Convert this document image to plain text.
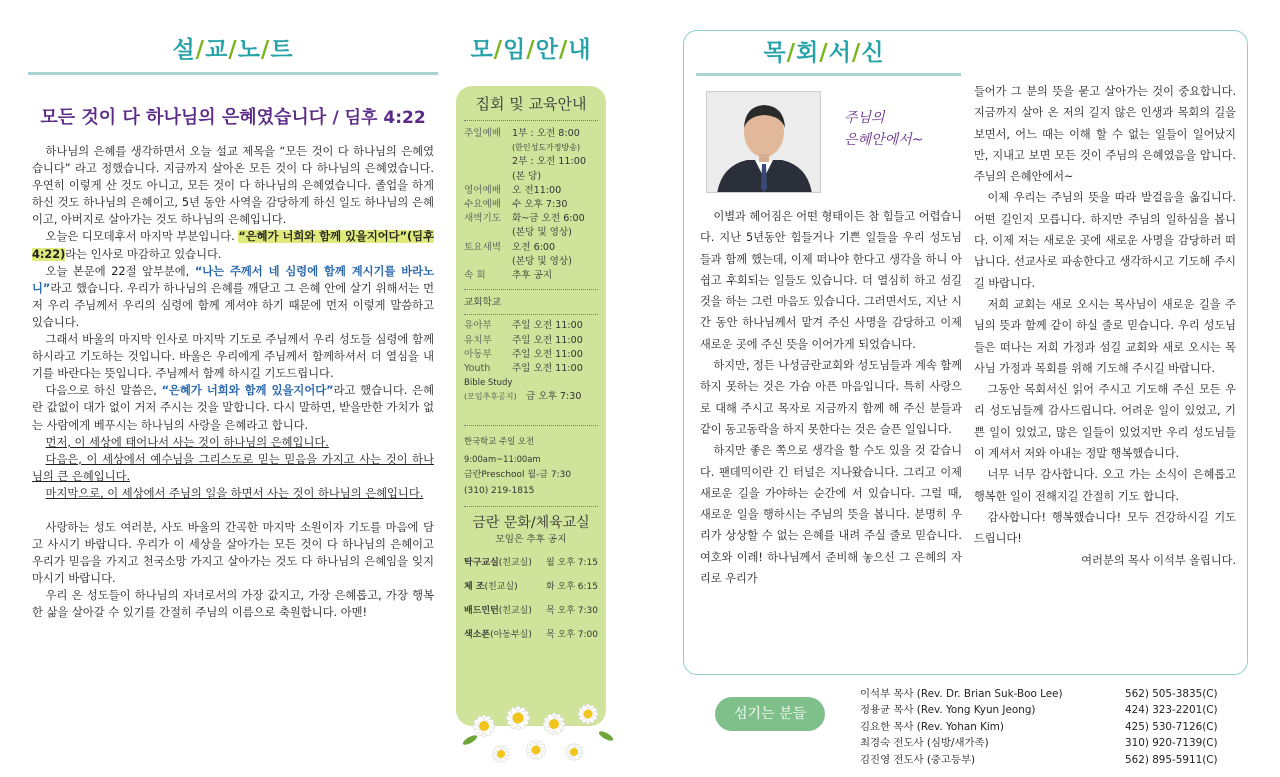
설/교/노/트
모든 것이 다 하나님의 은혜였습니다 / 딤후 4:22

하나님의 은혜를 생각하면서 오늘 설교 제목을 “모든 것이 다 하나님의 은혜였습니다” 라고 정했습니다. 지금까지 살아온 모든 것이 다 하나님의 은혜였습니다. 우연히 이렇게 산 것도 아니고, 모든 것이 다 하나님의 은혜였습니다. 졸업을 하게 하신 것도 하나님의 은혜이고, 5년 동안 사역을 감당하게 하신 일도 하나님의 은혜이고, 아버지로 살아가는 것도 하나님의 은혜입니다.

오늘은 디모데후서 마지막 부분입니다. “은혜가 너희와 함께 있을지어다”(딤후 4:22)라는 인사로 마감하고 있습니다.

오늘 본문에 22절 앞부분에, “나는 주께서 네 심령에 함께 계시기를 바라노니”라고 했습니다. 우리가 하나님의 은혜를 깨닫고 그 은혜 안에 살기 위해서는 먼저 우리 주님께서 우리의 심령에 함께 계셔야 하기 때문에 먼저 이렇게 말씀하고 있습니다.

그래서 바울의 마지막 인사로 마지막 기도로 주님께서 우리 성도들 심령에 함께 하시라고 기도하는 것입니다. 바울은 우리에게 주님께서 함께하셔서 더 열심을 내기를 바란다는 뜻입니다. 주님께서 함께 하시길 기도드립니다.

다음으로 하신 말씀은, “은혜가 너희와 함께 있을지어다”라고 했습니다. 은혜란 값없이 대가 없이 거저 주시는 것을 말합니다. 다시 말하면, 받을만한 가치가 없는 사람에게 베푸시는 하나님의 사랑을 은혜라고 합니다.

먼저, 이 세상에 태어나서 사는 것이 하나님의 은혜입니다.

다음은, 이 세상에서 예수님을 그리스도로 믿는 믿음을 가지고 사는 것이 하나님의 큰 은혜입니다.

마지막으로, 이 세상에서 주님의 일을 하면서 사는 것이 하나님의 은혜입니다.

사랑하는 성도 여러분, 사도 바울의 간곡한 마지막 소원이자 기도를 마음에 담고 사시기 바랍니다. 우리가 이 세상을 살아가는 모든 것이 다 하나님의 은혜이고 우리가 믿음을 가지고 천국소망 가지고 살아가는 것도 다 하나님의 은혜임을 잊지 마시기 바랍니다.

우리 온 성도들이 하나님의 자녀로서의 가장 값지고, 가장 은혜롭고, 가장 행복한 삶을 살아갈 수 있기를 간절히 주님의 이름으로 축원합니다. 아멘!

모/임/안/내
집회 및 교육안내
주일예배	1부 : 오전 8:00
(한인성도가정방송)
2부 : 오전 11:00
(본 당)
영어예배	오 전11:00
수요예배	수 오후 7:30
새벽기도	화~금 오전 6:00
(본당 및 영상)
토요새벽	오전 6:00
(본당 및 영상)
속 회	추후 공지
교회학교
유아부	주일 오전 11:00
유치부	주일 오전 11:00
아동부	주일 오전 11:00
Youth	주일 오전 11:00
Bible Study
(모임추후공지) 금 오후 7:30
한국학교 주일 오전 9:00am~11:00am
금란Preschool 월-금 7:30
(310) 219-1815
금란 문화/체육교실
모임은 추후 공지
탁구교실(친교실) 월 오후 7:15
체 조(친교실)	화 오후 6:15
배드민턴(친교실) 목 오후 7:30
색소폰(아동부실) 목 오후 7:00
목/회/서/신
주님의
은혜안에서~

이별과 헤어짐은 어떤 형태이든 참 힘들고 어렵습니다. 지난 5년동안 힘들거나 기쁜 일들을 우리 성도님들과 함께 했는데, 이제 떠나야 한다고 생각을 하니 아쉽고 후회되는 일들도 있습니다. 더 열심히 하고 섬길 것을 하는 그런 마음도 있습니다. 그러면서도, 지난 시간 동안 하나님께서 맡겨 주신 사명을 감당하고 이제 새로운 곳에 주신 뜻을 이어가게 되었습니다.

하지만, 정든 나성금란교회와 성도님들과 계속 함께 하지 못하는 것은 가슴 아픈 마음입니다. 특히 사랑으로 대해 주시고 목자로 지금까지 함께 해 주신 분들과 같이 동고동락을 하지 못한다는 것은 슬픈 일입니다.

하지만 좋은 쪽으로 생각을 할 수도 있을 것 같습니다. 팬데믹이란 긴 터널은 지나왔습니다. 그리고 이제 새로운 길을 가야하는 순간에 서 있습니다. 그럴 때, 새로운 일을 행하시는 주님의 뜻을 봅니다. 분명히 우리가 상상할 수 없는 은혜를 내려 주실 줄로 믿습니다. 여호와 이레! 하나님께서 준비해 놓으신 그 은혜의 자리로 우리가

들어가 그 분의 뜻을 묻고 살아가는 것이 중요합니다. 지금까지 살아 온 저의 길지 않은 인생과 목회의 길을 보면서, 어느 때는 이해 할 수 없는 일들이 일어났지만, 지내고 보면 모든 것이 주님의 은혜였음을 압니다. 주님의 은혜안에서~

이제 우리는 주님의 뜻을 따라 발걸음을 옮깁니다. 어떤 길인지 모릅니다. 하지만 주님의 일하심을 봅니다. 이제 저는 새로운 곳에 새로운 사명을 감당하러 떠납니다. 선교사로 파송한다고 생각하시고 기도해 주시길 바랍니다.

저희 교회는 새로 오시는 목사님이 새로운 길을 주님의 뜻과 함께 같이 하실 줄로 믿습니다. 우리 성도님들은 떠나는 저희 가정과 섬길 교회와 새로 오시는 목사님 가정과 목회를 위해 기도해 주시길 바랍니다.

그동안 목회서신 읽어 주시고 기도해 주신 모든 우리 성도님들께 감사드립니다. 어려운 일이 있었고, 기쁜 일이 있었고, 많은 일들이 있었지만 우리 성도님들이 계셔서 저와 아내는 정말 행복했습니다.

너무 너무 감사합니다. 오고 가는 소식이 은혜롭고 행복한 일이 전해지길 간절히 기도 합니다.

감사합니다! 행복했습니다! 모두 건강하시길 기도 드립니다!

여러분의 목사 이석부 올립니다.

섬기는 분들
이석부 목사 (Rev. Dr. Brian Suk-Boo Lee)	562) 505-3835(C)
정용균 목사 (Rev. Yong Kyun Jeong)	424) 323-2201(C)
김요한 목사 (Rev. Yohan Kim)	425) 530-7126(C)
최경숙 전도사 (심방/새가족)	310) 920-7139(C)
김진영 전도사 (중고등부)	562) 895-5911(C)
